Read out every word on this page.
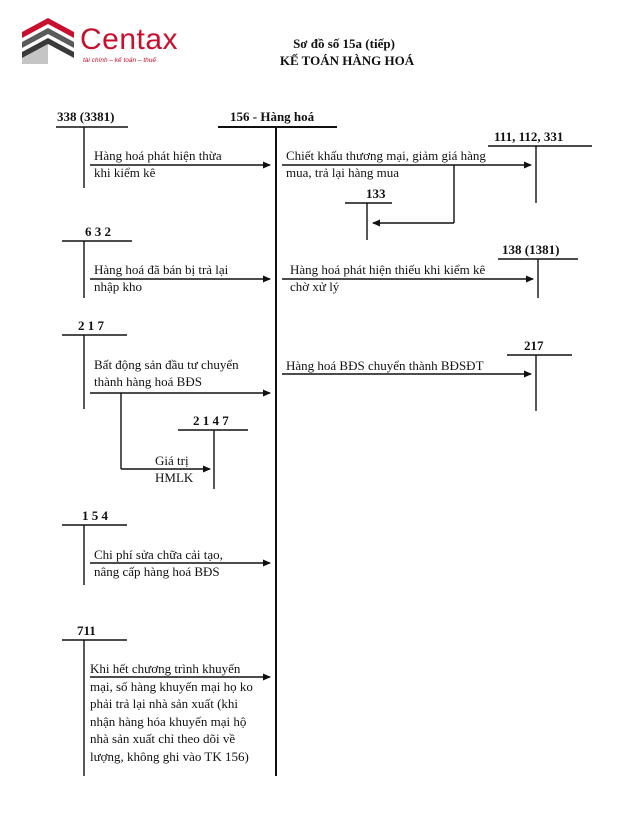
Centax
tài chính – kế toán – thuế
Sơ đồ số 15a (tiếp)
KẾ TOÁN HÀNG HOÁ
156 - Hàng hoá
338 (3381)
6 3 2
2 1 7
2 1 4 7
1 5 4
711
111, 112, 331
133
138 (1381)
217
Hàng hoá phát hiện thừa
khi kiểm kê
Hàng hoá đã bán bị trả lại
nhập kho
Bất động sản đầu tư chuyển
thành hàng hoá BĐS
Giá trị
HMLK
Chi phí sửa chữa cải tạo,
nâng cấp hàng hoá BĐS
Khi hết chương trình khuyến
mại, số hàng khuyến mại họ ko
phải trả lại nhà sản xuất (khi
nhận hàng hóa khuyến mại hộ
nhà sản xuất chỉ theo dõi về
lượng, không ghi vào TK 156)
Chiết khấu thương mại, giảm giá hàng
mua, trả lại hàng mua
Hàng hoá phát hiện thiếu khi kiểm kê
chờ xử lý
Hàng hoá BĐS chuyển thành BĐSĐT
